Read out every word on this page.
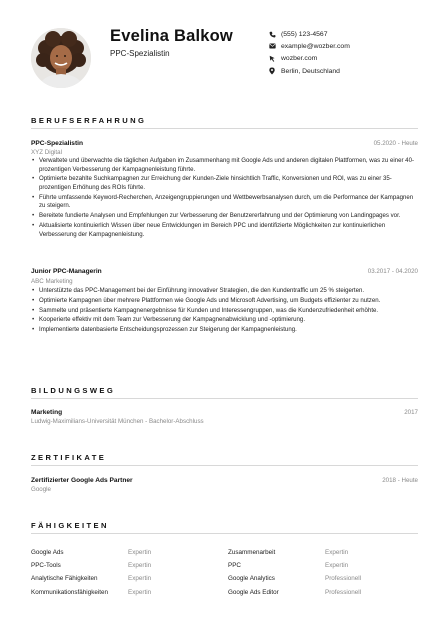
Evelina Balkow
PPC-Spezialistin
(555) 123-4567
example@wozber.com
wozber.com
Berlin, Deutschland
BERUFSERFAHRUNG
PPC-Spezialistin	05.2020 - Heute
XYZ Digital
• Verwaltete und überwachte die täglichen Aufgaben im Zusammenhang mit Google Ads und anderen digitalen Plattformen, was zu einer 40-prozentigen Verbesserung der Kampagnenleistung führte.
• Optimierte bezahlte Suchkampagnen zur Erreichung der Kunden-Ziele hinsichtlich Traffic, Konversionen und ROI, was zu einer 35-prozentigen Erhöhung des ROIs führte.
• Führte umfassende Keyword-Recherchen, Anzeigengruppierungen und Wettbewerbsanalysen durch, um die Performance der Kampagnen zu steigern.
• Bereitete fundierte Analysen und Empfehlungen zur Verbesserung der Benutzererfahrung und der Optimierung von Landingpages vor.
• Aktualisierte kontinuierlich Wissen über neue Entwicklungen im Bereich PPC und identifizierte Möglichkeiten zur kontinuierlichen Verbesserung der Kampagnenleistung.
Junior PPC-Managerin	03.2017 - 04.2020
ABC Marketing
• Unterstützte das PPC-Management bei der Einführung innovativer Strategien, die den Kundentraffic um 25 % steigerten.
• Optimierte Kampagnen über mehrere Plattformen wie Google Ads und Microsoft Advertising, um Budgets effizienter zu nutzen.
• Sammelte und präsentierte Kampagnenergebnisse für Kunden und Interessengruppen, was die Kundenzufriedenheit erhöhte.
• Kooperierte effektiv mit dem Team zur Verbesserung der Kampagnenabwicklung und -optimierung.
• Implementierte datenbasierte Entscheidungsprozessen zur Steigerung der Kampagnenleistung.
BILDUNGSWEG
Marketing	2017
Ludwig-Maximilians-Universität München - Bachelor-Abschluss
ZERTIFIKATE
Zertifizierter Google Ads Partner	2018 - Heute
Google
FÄHIGKEITEN
Google Ads	Expertin	Zusammenarbeit	Expertin
PPC-Tools	Expertin	PPC	Expertin
Analytische Fähigkeiten	Expertin	Google Analytics	Professionell
Kommunikationsfähigkeiten	Expertin	Google Ads Editor	Professionell
